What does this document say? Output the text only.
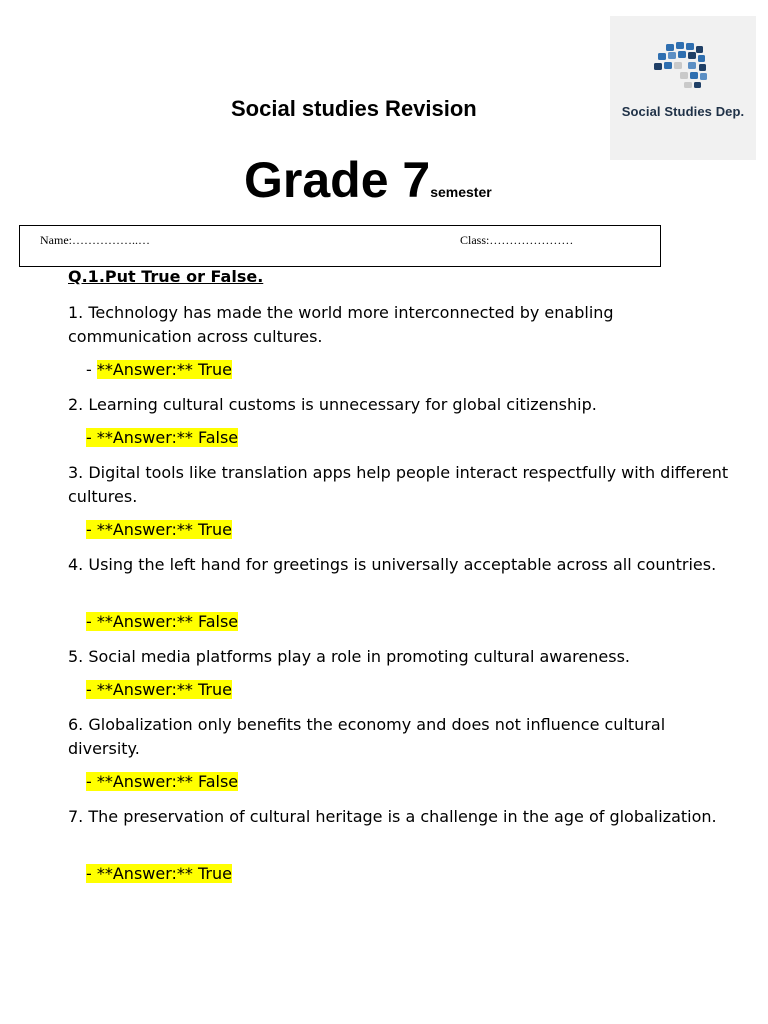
Social Studies Dep.
Social studies Revision
Grade 7semester
Name:……………..…	Class:…………………
Q.1.Put True or False.

1. Technology has made the world more interconnected by enabling communication across cultures.

- **Answer:** True

2. Learning cultural customs is unnecessary for global citizenship.

- **Answer:** False

3. Digital tools like translation apps help people interact respectfully with different cultures.

- **Answer:** True

4. Using the left hand for greetings is universally acceptable across all countries.

- **Answer:** False

5. Social media platforms play a role in promoting cultural awareness.

- **Answer:** True

6. Globalization only benefits the economy and does not influence cultural diversity.

- **Answer:** False

7. The preservation of cultural heritage is a challenge in the age of globalization.

- **Answer:** True
